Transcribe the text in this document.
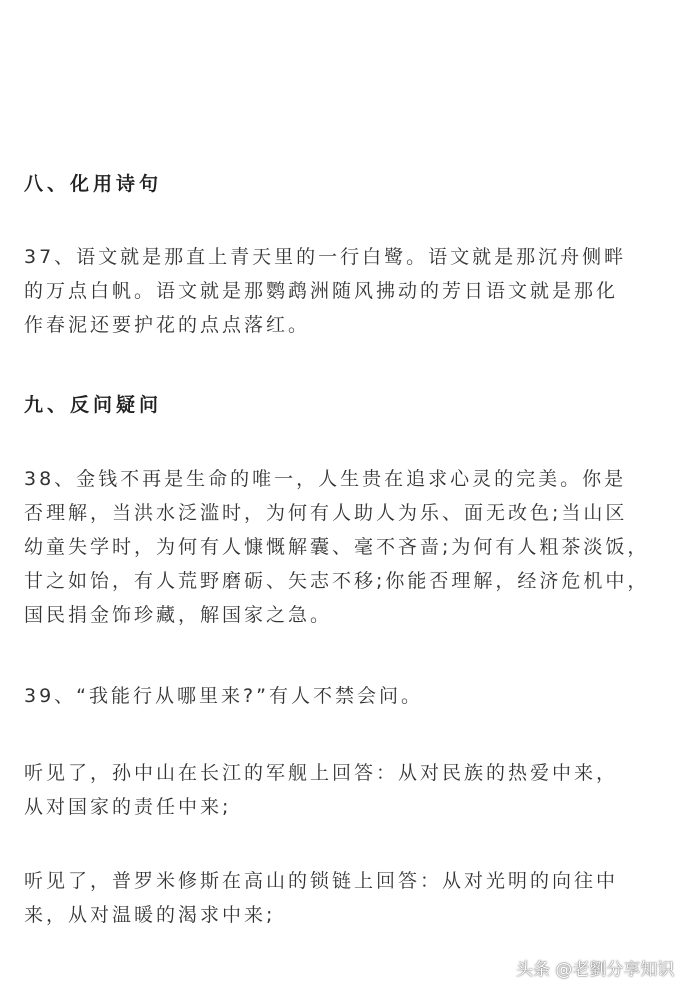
八、化用诗句

37、语文就是那直上青天里的一行白鹭。语文就是那沉舟侧畔
的万点白帆。语文就是那鹦鹉洲随风拂动的芳日语文就是那化
作春泥还要护花的点点落红。

九、反问疑问

38、金钱不再是生命的唯一，人生贵在追求心灵的完美。你是
否理解，当洪水泛滥时，为何有人助人为乐、面无改色;当山区
幼童失学时，为何有人慷慨解囊、毫不吝啬;为何有人粗茶淡饭，
甘之如饴，有人荒野磨砺、矢志不移;你能否理解，经济危机中，
国民捐金饰珍藏，解国家之急。

39、“我能行从哪里来?”有人不禁会问。

听见了，孙中山在长江的军舰上回答：从对民族的热爱中来，
从对国家的责任中来;

听见了，普罗米修斯在高山的锁链上回答：从对光明的向往中
来，从对温暖的渴求中来;

头条 @老劉分享知识
